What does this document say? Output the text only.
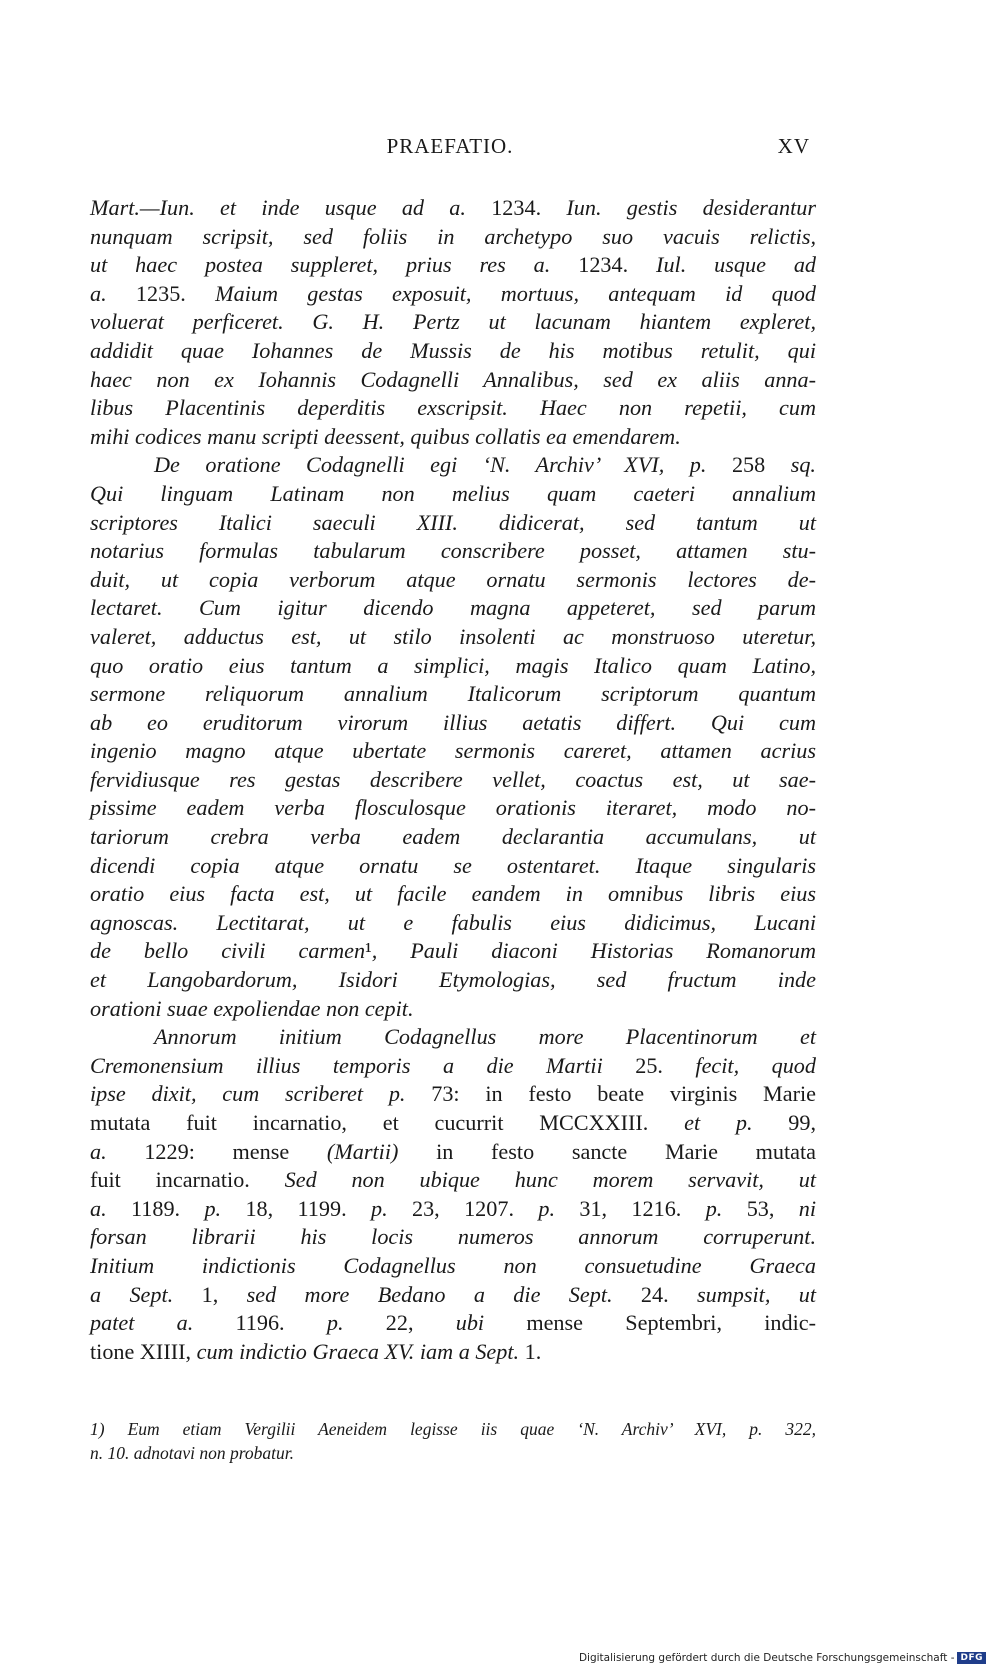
PRAEFATIO.	XV
Mart.—Iun. et inde usque ad a. 1234. Iun. gestis desiderantur
nunquam scripsit, sed foliis in archetypo suo vacuis relictis,
ut haec postea suppleret, prius res a. 1234. Iul. usque ad
a. 1235. Maium gestas exposuit, mortuus, antequam id quod
voluerat perficeret. G. H. Pertz ut lacunam hiantem expleret,
addidit quae Iohannes de Mussis de his motibus retulit, qui
haec non ex Iohannis Codagnelli Annalibus, sed ex aliis anna-
libus Placentinis deperditis exscripsit. Haec non repetii, cum
mihi codices manu scripti deessent, quibus collatis ea emendarem.
De oratione Codagnelli egi ‘N. Archiv’ XVI, p. 258 sq.
Qui linguam Latinam non melius quam caeteri annalium
scriptores Italici saeculi XIII. didicerat, sed tantum ut
notarius formulas tabularum conscribere posset, attamen stu-
duit, ut copia verborum atque ornatu sermonis lectores de-
lectaret. Cum igitur dicendo magna appeteret, sed parum
valeret, adductus est, ut stilo insolenti ac monstruoso uteretur,
quo oratio eius tantum a simplici, magis Italico quam Latino,
sermone reliquorum annalium Italicorum scriptorum quantum
ab eo eruditorum virorum illius aetatis differt. Qui cum
ingenio magno atque ubertate sermonis careret, attamen acrius
fervidiusque res gestas describere vellet, coactus est, ut sae-
pissime eadem verba flosculosque orationis iteraret, modo no-
tariorum crebra verba eadem declarantia accumulans, ut
dicendi copia atque ornatu se ostentaret. Itaque singularis
oratio eius facta est, ut facile eandem in omnibus libris eius
agnoscas. Lectitarat, ut e fabulis eius didicimus, Lucani
de bello civili carmen¹, Pauli diaconi Historias Romanorum
et Langobardorum, Isidori Etymologias, sed fructum inde
orationi suae expoliendae non cepit.
Annorum initium Codagnellus more Placentinorum et
Cremonensium illius temporis a die Martii 25. fecit, quod
ipse dixit, cum scriberet p. 73: in festo beate virginis Marie
mutata fuit incarnatio, et cucurrit MCCXXIII. et p. 99,
a. 1229: mense (Martii) in festo sancte Marie mutata
fuit incarnatio. Sed non ubique hunc morem servavit, ut
a. 1189. p. 18, 1199. p. 23, 1207. p. 31, 1216. p. 53, ni
forsan librarii his locis numeros annorum corruperunt.
Initium indictionis Codagnellus non consuetudine Graeca
a Sept. 1, sed more Bedano a die Sept. 24. sumpsit, ut
patet a. 1196. p. 22, ubi mense Septembri, indic-
tione XIIII, cum indictio Graeca XV. iam a Sept. 1.
1) Eum etiam Vergilii Aeneidem legisse iis quae ‘N. Archiv’ XVI, p. 322,
n. 10. adnotavi non probatur.
Digitalisierung gefördert durch die Deutsche Forschungsgemeinschaft - DFG
